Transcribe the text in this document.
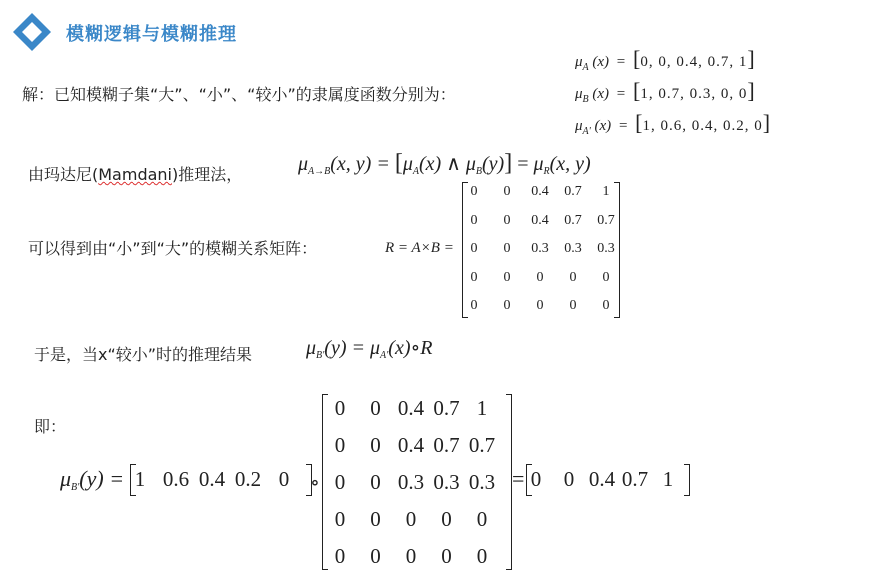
模糊逻辑与模糊推理
解：已知模糊子集“大”、“小”、“较小”的隶属度函数分别为：
$\mu_A$ (x) = [0, 0, 0.4, 0.7, 1]
$\mu_B$ (x) = [1, 0.7, 0.3, 0, 0]
$\mu_{A'}$ (x) = [1, 0.6, 0.4, 0.2, 0]
由玛达尼(Mamdani)推理法，	$\mu_{A\to B}(x$, $y) = [\mu_A(x)$ ∧ $\mu_B(y)] = \mu_R(x$, y)
可以得到由“小”到“大”的模糊关系矩阵：	R = A×B =
0	0	0.4	0.7	1
0	0	0.4	0.7	0.7
0	0	0.3	0.3	0.3
0	0	0	0	0
0	0	0	0	0
于是，当x“较小”时的推理结果	$\mu_{B'}(y)$ = $\mu_{A'}(x)\circ R$
即：
μB'(y) = 1 0.6 0.4 0.2 0	∘
0	0 0.4 0.7 1
0	0 0.4 0.7 0.7
0	0 0.3 0.3 0.3
0	0	0	0	0
0	0	0	0	0
= 0	0 0.4 0.7 1
